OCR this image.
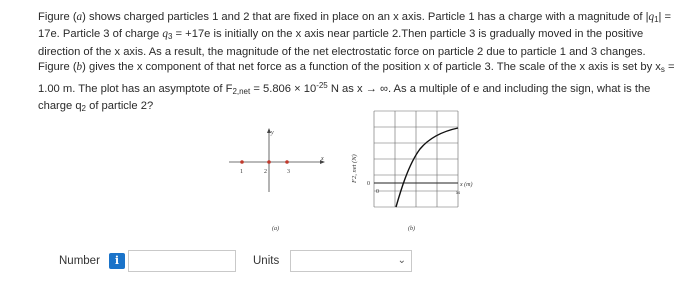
Figure (a) shows charged particles 1 and 2 that are fixed in place on an x axis. Particle 1 has a charge with a magnitude of $|q_1| = 17e$. Particle 3 of charge $q_3 = +17e$ is initially on the x axis near particle 2.Then particle 3 is gradually moved in the positive direction of the x axis. As a result, the magnitude of the net electrostatic force on particle 2 due to particle 1 and 3 changes. Figure (b) gives the x component of that net force as a function of the position x of particle 3. The scale of the x axis is set by $x_s = 1.00$ m. The plot has an asymptote of $F_{2,net} = 5.806 \times 10^{-25}$ N as x → ∞. As a multiple of e and including the sign, what is the charge $q_2$ of particle 2?
y
x
1	2	3
(a)
F2, net (N)
0
0
x (m)
xs
(b)
Number	i	Units	⌄
